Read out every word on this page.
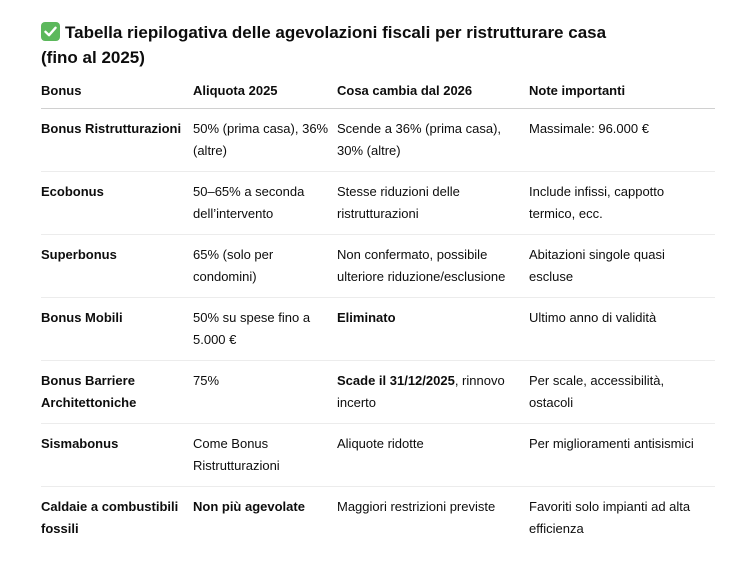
Tabella riepilogativa delle agevolazioni fiscali per ristrutturare casa (fino al 2025)
Bonus	Aliquota 2025	Cosa cambia dal 2026	Note importanti
Bonus Ristrutturazioni	50% (prima casa), 36% (altre)	Scende a 36% (prima casa), 30% (altre)	Massimale: 96.000 €
Ecobonus	50–65% a seconda dell’intervento	Stesse riduzioni delle ristrutturazioni	Include infissi, cappotto termico, ecc.
Superbonus	65% (solo per condomini)	Non confermato, possibile ulteriore riduzione/esclusione	Abitazioni singole quasi escluse
Bonus Mobili	50% su spese fino a 5.000 €	Eliminato	Ultimo anno di validità
Bonus Barriere Architettoniche	75%	Scade il 31/12/2025, rinnovo incerto	Per scale, accessibilità, ostacoli
Sismabonus	Come Bonus Ristrutturazioni	Aliquote ridotte	Per miglioramenti antisismici
Caldaie a combustibili fossili	Non più agevolate	Maggiori restrizioni previste	Favoriti solo impianti ad alta efficienza
